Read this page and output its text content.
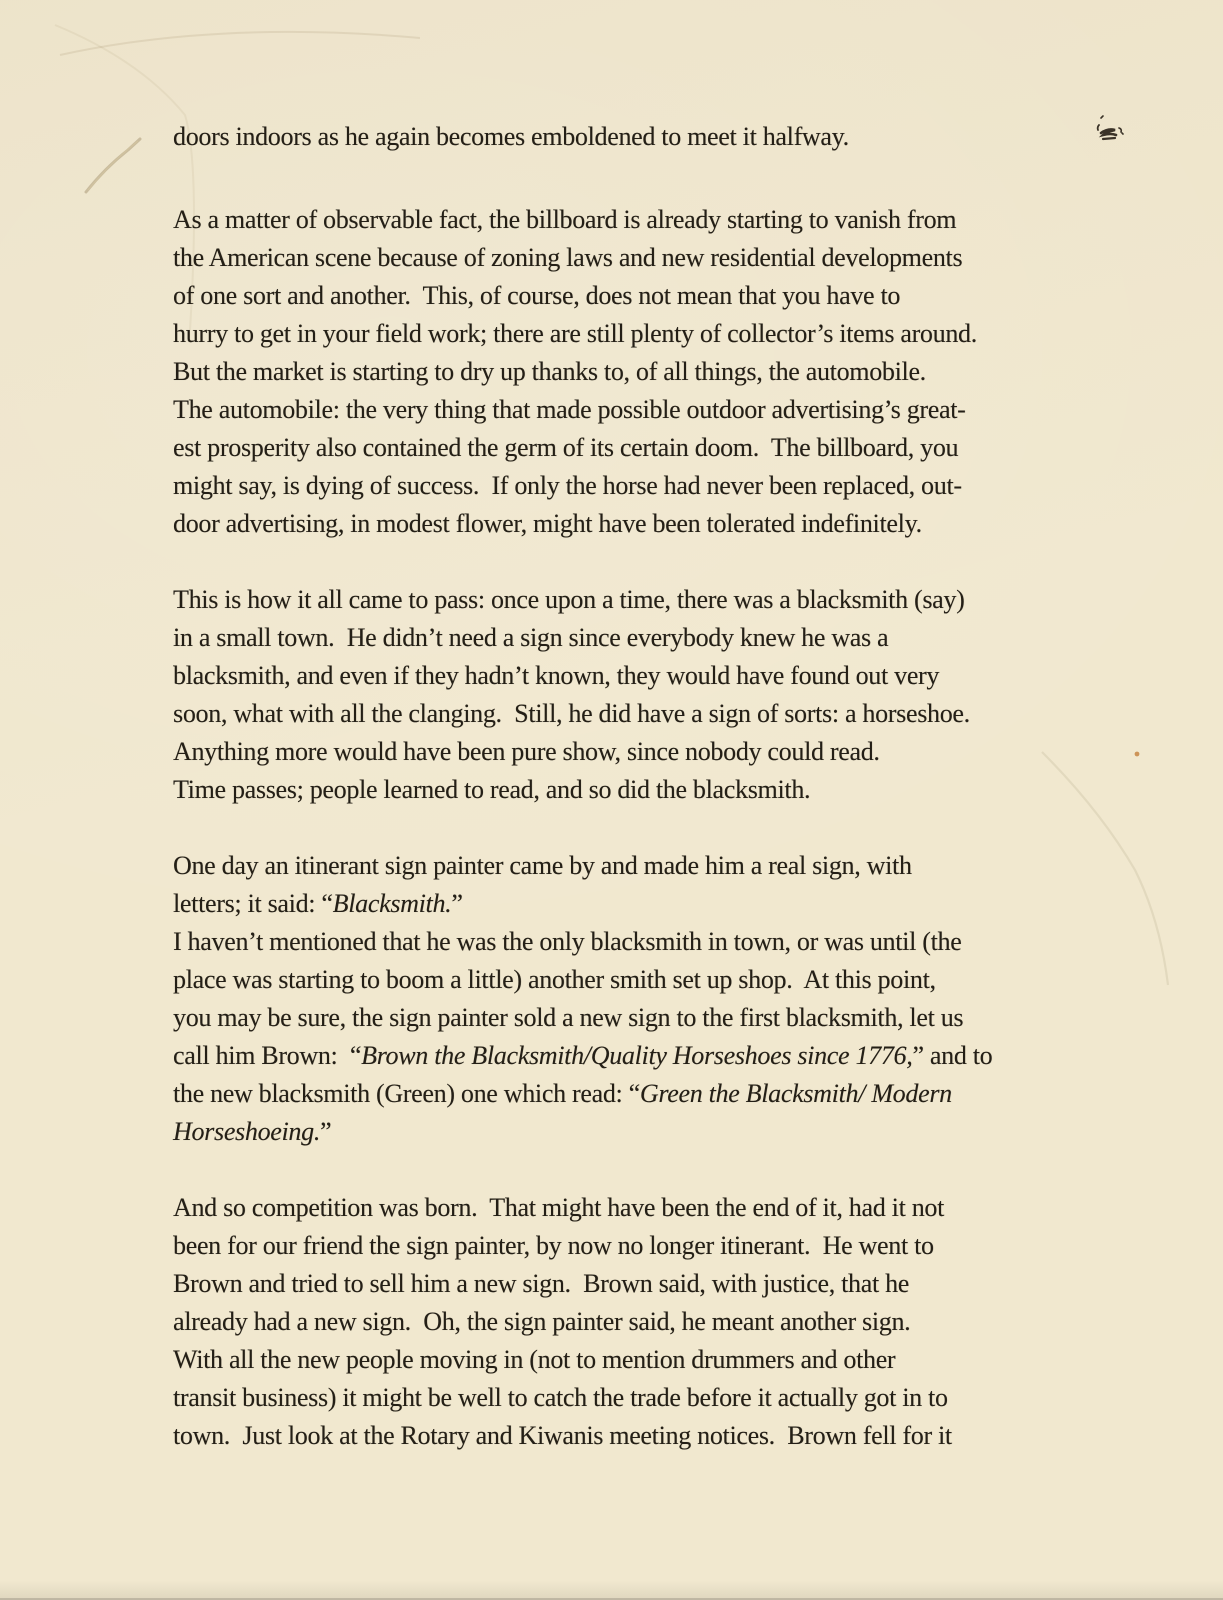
doors indoors as he again becomes emboldened to meet it halfway.
As a matter of observable fact, the billboard is already starting to vanish from
the American scene because of zoning laws and new residential developments
of one sort and another.  This, of course, does not mean that you have to
hurry to get in your field work; there are still plenty of collector’s items around.
But the market is starting to dry up thanks to, of all things, the automobile.
The automobile: the very thing that made possible outdoor advertising’s great-
est prosperity also contained the germ of its certain doom.  The billboard, you
might say, is dying of success.  If only the horse had never been replaced, out-
door advertising, in modest flower, might have been tolerated indefinitely.
This is how it all came to pass: once upon a time, there was a blacksmith (say)
in a small town.  He didn’t need a sign since everybody knew he was a
blacksmith, and even if they hadn’t known, they would have found out very
soon, what with all the clanging.  Still, he did have a sign of sorts: a horseshoe.
Anything more would have been pure show, since nobody could read.
Time passes; people learned to read, and so did the blacksmith.
One day an itinerant sign painter came by and made him a real sign, with
letters; it said: “Blacksmith.”
I haven’t mentioned that he was the only blacksmith in town, or was until (the
place was starting to boom a little) another smith set up shop.  At this point,
you may be sure, the sign painter sold a new sign to the first blacksmith, let us
call him Brown:  “Brown the Blacksmith/Quality Horseshoes since 1776,” and to
the new blacksmith (Green) one which read: “Green the Blacksmith/ Modern
Horseshoeing.”
And so competition was born.  That might have been the end of it, had it not
been for our friend the sign painter, by now no longer itinerant.  He went to
Brown and tried to sell him a new sign.  Brown said, with justice, that he
already had a new sign.  Oh, the sign painter said, he meant another sign.
With all the new people moving in (not to mention drummers and other
transit business) it might be well to catch the trade before it actually got in to
town.  Just look at the Rotary and Kiwanis meeting notices.  Brown fell for it
